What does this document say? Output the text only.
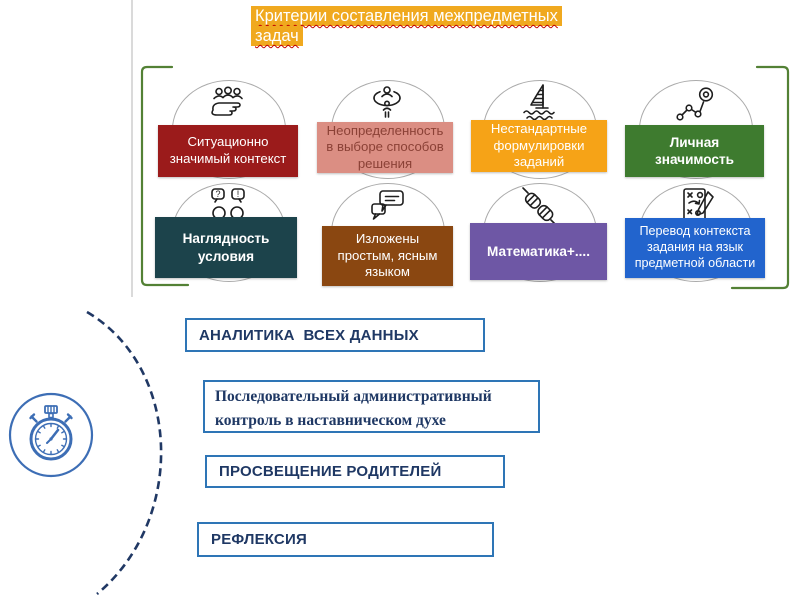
Критерии составления межпредметных задач
? !
Ситуационно значимый контекст
Неопределенность в выборе способов решения
Нестандартные формулировки заданий
Личная значимость
Наглядность условия
Изложены простым, ясным языком
Математика+....
Перевод контекста задания на язык предметной области
АНАЛИТИКА  ВСЕХ ДАННЫХ
Последовательный административный контроль в наставническом духе
ПРОСВЕЩЕНИЕ РОДИТЕЛЕЙ
РЕФЛЕКСИЯ
